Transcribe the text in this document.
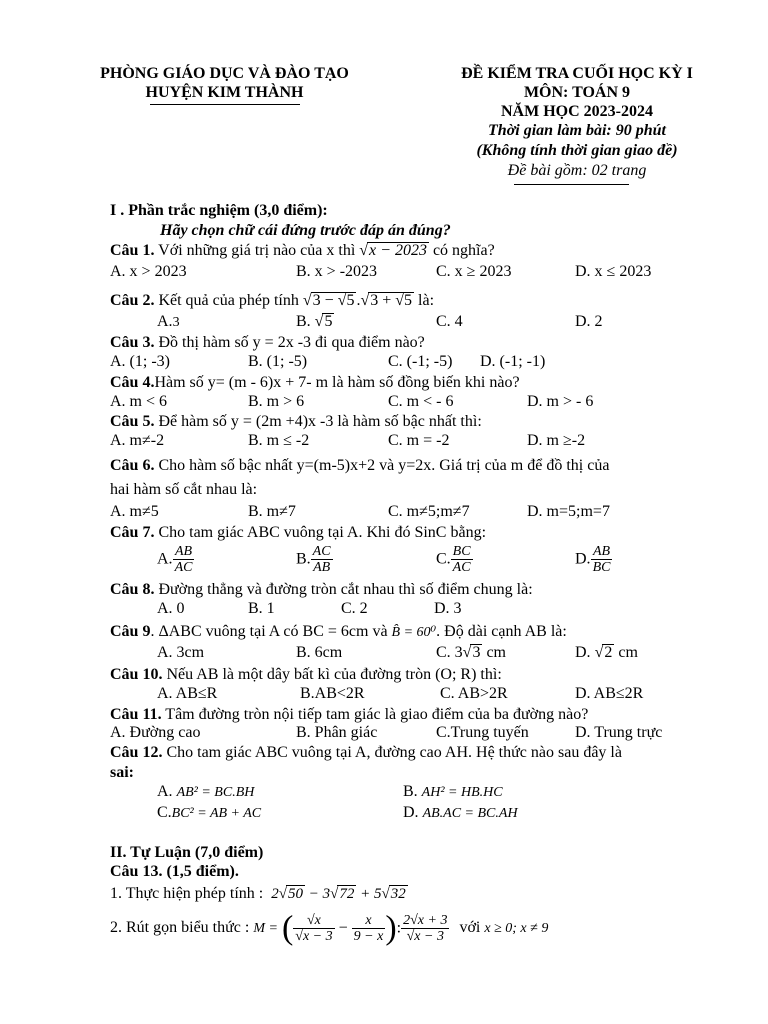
PHÒNG GIÁO DỤC VÀ ĐÀO TẠO
HUYỆN KIM THÀNH
ĐỀ KIỂM TRA CUỐI HỌC KỲ I
MÔN: TOÁN 9
NĂM HỌC 2023-2024
Thời gian làm bài: 90 phút
(Không tính thời gian giao đề)
Đề bài gồm: 02 trang
I . Phần trắc nghiệm (3,0 điểm):
Hãy chọn chữ cái đứng trước đáp án đúng?
Câu 1. Với những giá trị nào của x thì √x − 2023 có nghĩa?
A. x > 2023	B. x > -2023	C. x ≥ 2023	D. x ≤ 2023
Câu 2. Kết quả của phép tính √3 − √5 .√3 + √5 là:
A.3	B. √5	C. 4	D. 2
Câu 3. Đồ thị hàm số y = 2x -3 đi qua điểm nào?
A. (1; -3)	B. (1; -5)	C. (-1; -5) D. (-1; -1)
Câu 4.Hàm số y= (m - 6)x + 7- m là hàm số đồng biến khi nào?
A. m < 6	B. m > 6	C. m < - 6	D. m > - 6
Câu 5. Để hàm số y = (2m +4)x -3 là hàm số bậc nhất thì:
A. m≠-2	B. m ≤ -2	C. m = -2	D. m ≥-2
Câu 6. Cho hàm số bậc nhất y=(m-5)x+2 và y=2x. Giá trị của m để đồ thị của
hai hàm số cắt nhau là:
A. m≠5	B. m≠7	C. m≠5;m≠7	D. m=5;m=7
Câu 7. Cho tam giác ABC vuông tại A. Khi đó SinC bằng:
A. $\frac{AB}{AC}$	B. $\frac{AC}{AB}$	C. $\frac{BC}{AC}$	D. $\frac{AB}{BC}$
Câu 8. Đường thẳng và đường tròn cắt nhau thì số điểm chung là:
A. 0	B. 1	C. 2	D. 3
Câu 9. ΔABC vuông tại A có BC = 6cm và B̂ = 60⁰. Độ dài cạnh AB là:
A. 3cm	B. 6cm	C. 3√3 cm	D. √2 cm
Câu 10. Nếu AB là một dây bất kì của đường tròn (O; R) thì:
A. AB≤R	B.AB<2R	C. AB>2R	D. AB≤2R
Câu 11. Tâm đường tròn nội tiếp tam giác là giao điểm của ba đường nào?
A. Đường cao	B. Phân giác	C.Trung tuyến	D. Trung trực
Câu 12. Cho tam giác ABC vuông tại A, đường cao AH. Hệ thức nào sau đây là
sai:
A. AB² = BC.BH	B. AH² = HB.HC
C.BC² = AB + AC	D. AB.AC = BC.AH
II. Tự Luận (7,0 điểm)
Câu 13. (1,5 điểm).
1. Thực hiện phép tính : 2√50 − 3√72 + 5√32
2. Rút gọn biểu thức : M = ( $\frac{√x}{√x - 3} - \frac{x}{9 - x}$ ): $\frac{2√x + 3}{√x - 3}$ với x ≥ 0; x ≠ 9
